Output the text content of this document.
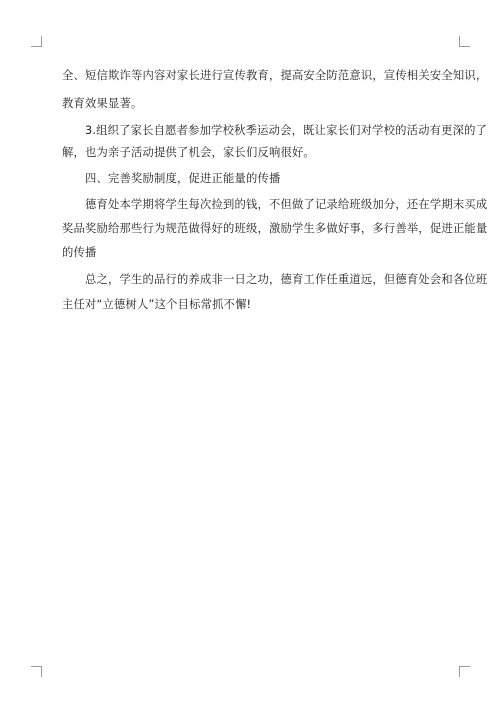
全、短信欺诈等内容对家长进行宣传教育，提高安全防范意识，宣传相关安全知识，
教育效果显著。
3.组织了家长自愿者参加学校秋季运动会，既让家长们对学校的活动有更深的了
解，也为亲子活动提供了机会，家长们反响很好。
四、完善奖励制度，促进正能量的传播
德育处本学期将学生每次捡到的钱，不但做了记录给班级加分，还在学期末买成
奖品奖励给那些行为规范做得好的班级，激励学生多做好事，多行善举，促进正能量
的传播
总之，学生的品行的养成非一日之功，德育工作任重道远，但德育处会和各位班
主任对“立德树人”这个目标常抓不懈!
